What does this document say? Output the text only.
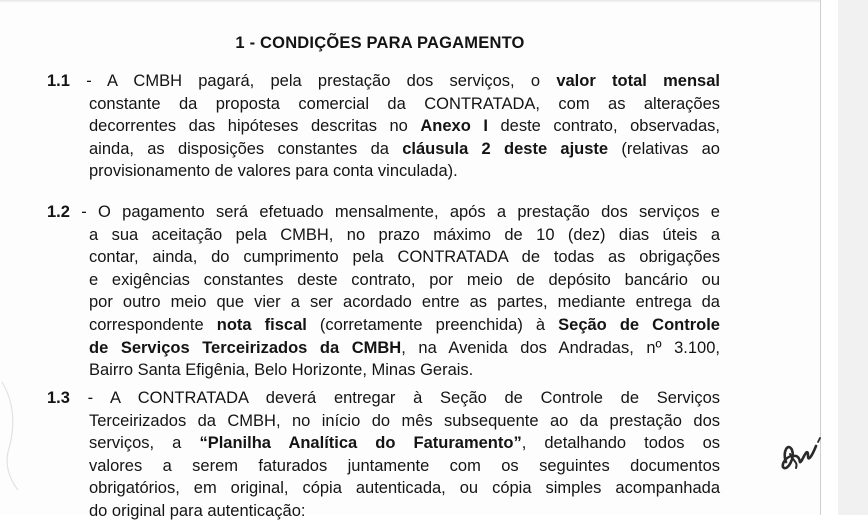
1 - CONDIÇÕES PARA PAGAMENTO
1.1 - A CMBH pagará, pela prestação dos serviços, o valor total mensal
constante da proposta comercial da CONTRATADA, com as alterações
decorrentes das hipóteses descritas no Anexo I deste contrato, observadas,
ainda, as disposições constantes da cláusula 2 deste ajuste (relativas ao
provisionamento de valores para conta vinculada).
1.2 - O pagamento será efetuado mensalmente, após a prestação dos serviços e
a sua aceitação pela CMBH, no prazo máximo de 10 (dez) dias úteis a
contar, ainda, do cumprimento pela CONTRATADA de todas as obrigações
e exigências constantes deste contrato, por meio de depósito bancário ou
por outro meio que vier a ser acordado entre as partes, mediante entrega da
correspondente nota fiscal (corretamente preenchida) à Seção de Controle
de Serviços Terceirizados da CMBH, na Avenida dos Andradas, nº 3.100,
Bairro Santa Efigênia, Belo Horizonte, Minas Gerais.
1.3 - A CONTRATADA deverá entregar à Seção de Controle de Serviços
Terceirizados da CMBH, no início do mês subsequente ao da prestação dos
serviços, a “Planilha Analítica do Faturamento”, detalhando todos os
valores a serem faturados juntamente com os seguintes documentos
obrigatórios, em original, cópia autenticada, ou cópia simples acompanhada
do original para autenticação:
